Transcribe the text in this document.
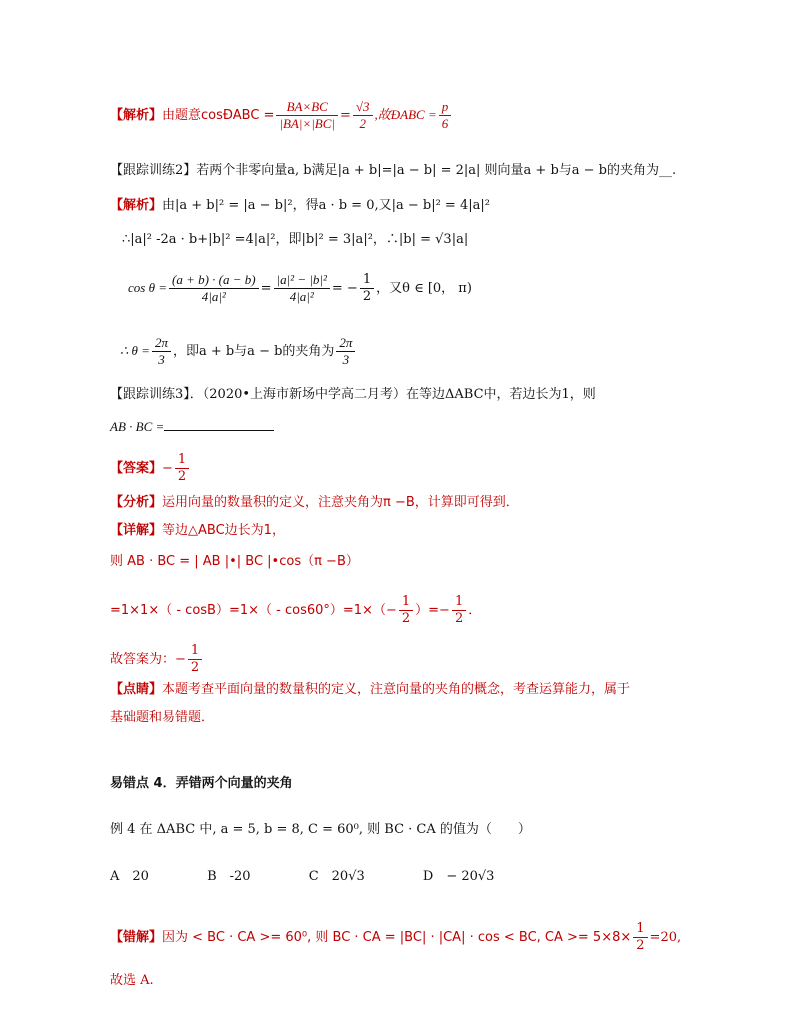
【解析】由题意cosÐABC = $\frac{BA\times BC}{|BA|\times|BC|} = \frac{√3}{2}$ ,故ÐABC = $\frac{p}{6}$
【跟踪训练2】若两个非零向量a, b满足|a + b|=|a − b| = 2|a| 则向量a + b与a − b的夹角为__.
【解析】由|a + b|² = |a − b|²，得a · b = 0,又|a − b|² = 4|a|²
∴|a|² -2a · b+|b|² =4|a|²，即|b|² = 3|a|²，∴|b| = √3|a|
$\cos \theta = \frac{(a + b) \cdot (a - b)}{\text{4|a|²}} = \frac{\text{|a|² − |b|²}}{\text{4|a|²}}$ = − $\frac{1}{2}$ ，又θ ∈ [0， π)
∴ $\theta = \frac{2\pi}{3}$ ，即a + b与a − b的夹角为 $\frac{2\pi}{3}$
【跟踪训练3】．（2020•上海市新场中学高二月考）在等边ΔABC中，若边长为1，则
AB · BC =
【答案】− $\frac{1}{2}$
【分析】运用向量的数量积的定义，注意夹角为π −B，计算即可得到．
【详解】等边△ABC边长为1，
则 AB · BC = | AB |•| BC |•cos（π −B）
$=1\times 1\times( - \cos B)=1\times( - \cos 60^\circ)=1\times(- \frac{1}{2}$ ）=− $\frac{1}{2}$ ．
故答案为：− $\frac{1}{2}$
【点睛】本题考查平面向量的数量积的定义，注意向量的夹角的概念，考查运算能力，属于
基础题和易错题．
易错点 4．弄错两个向量的夹角
例 4 在 ΔABC 中, a = 5, b = 8, C = 60⁰, 则 BC · CA 的值为（　　）
A　20	B　-20	C　20√3	D　− 20√3
【错解】因为 < BC · CA >= 60⁰, 则 BC · CA = |BC| · |CA| · cos < BC, CA >= $5\times 8\times \frac{1}{2} =20$,
故选 A.
